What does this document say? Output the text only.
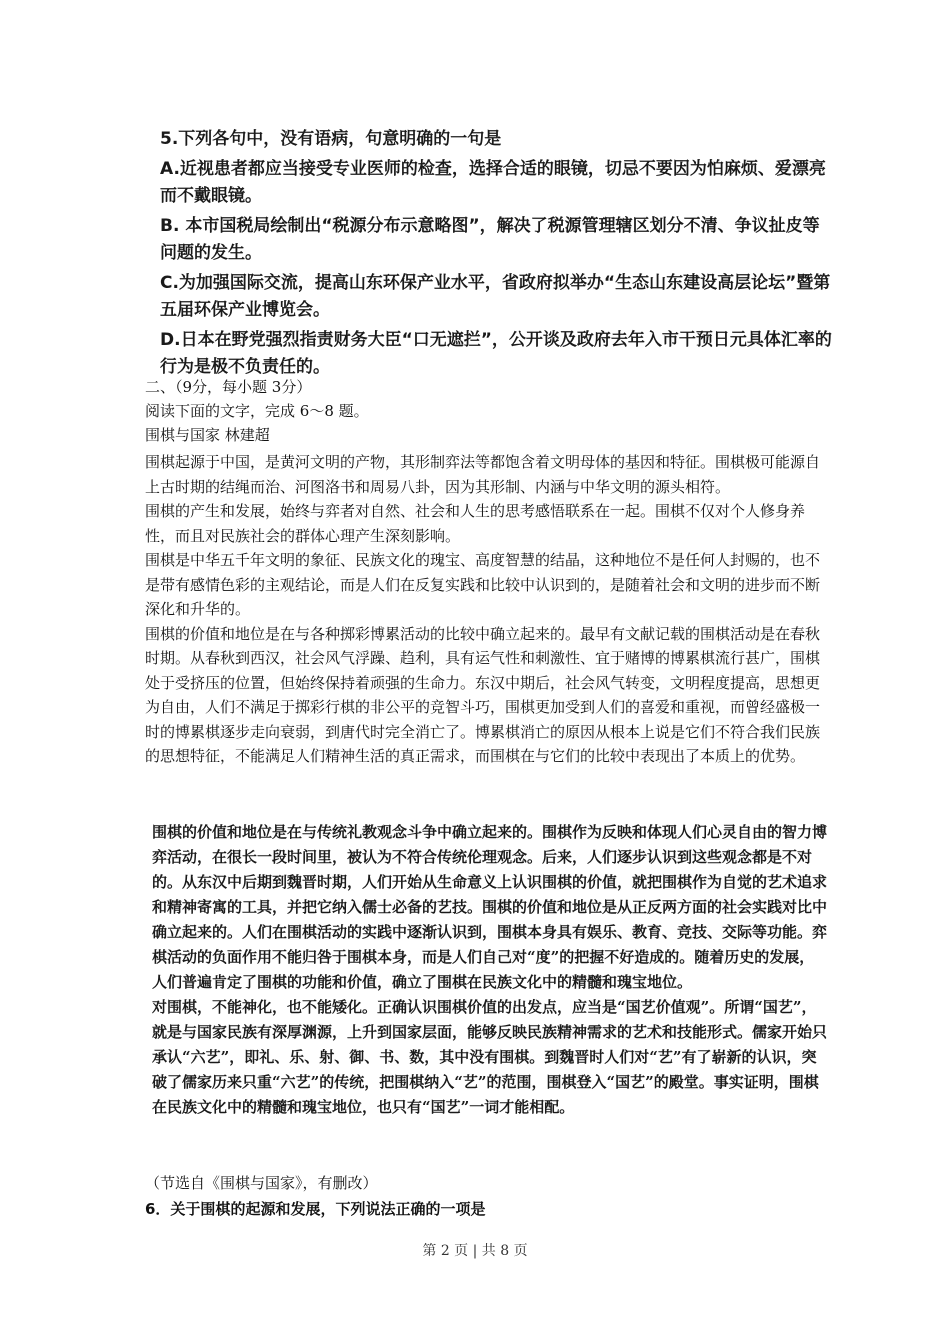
5.下列各句中，没有语病，句意明确的一句是

A.近视患者都应当接受专业医师的检查，选择合适的眼镜，切忌不要因为怕麻烦、爱漂亮而不戴眼镜。

B. 本市国税局绘制出“税源分布示意略图”，解决了税源管理辖区划分不清、争议扯皮等问题的发生。

C.为加强国际交流，提高山东环保产业水平，省政府拟举办“生态山东建设高层论坛”暨第五届环保产业博览会。

D.日本在野党强烈指责财务大臣“口无遮拦”，公开谈及政府去年入市干预日元具体汇率的行为是极不负责任的。

二、（9分，每小题 3分）

阅读下面的文字，完成 6～8 题。

围棋与国家 林建超

围棋起源于中国，是黄河文明的产物，其形制弈法等都饱含着文明母体的基因和特征。围棋极可能源自上古时期的结绳而治、河图洛书和周易八卦，因为其形制、内涵与中华文明的源头相符。

围棋的产生和发展，始终与弈者对自然、社会和人生的思考感悟联系在一起。围棋不仅对个人修身养性，而且对民族社会的群体心理产生深刻影响。

围棋是中华五千年文明的象征、民族文化的瑰宝、高度智慧的结晶，这种地位不是任何人封赐的，也不是带有感情色彩的主观结论，而是人们在反复实践和比较中认识到的，是随着社会和文明的进步而不断深化和升华的。

围棋的价值和地位是在与各种掷彩博累活动的比较中确立起来的。最早有文献记载的围棋活动是在春秋时期。从春秋到西汉，社会风气浮躁、趋利，具有运气性和刺激性、宜于赌博的博累棋流行甚广，围棋处于受挤压的位置，但始终保持着顽强的生命力。东汉中期后，社会风气转变，文明程度提高，思想更为自由，人们不满足于掷彩行棋的非公平的竞智斗巧，围棋更加受到人们的喜爱和重视，而曾经盛极一时的博累棋逐步走向衰弱，到唐代时完全消亡了。博累棋消亡的原因从根本上说是它们不符合我们民族的思想特征，不能满足人们精神生活的真正需求，而围棋在与它们的比较中表现出了本质上的优势。

围棋的价值和地位是在与传统礼教观念斗争中确立起来的。围棋作为反映和体现人们心灵自由的智力博弈活动，在很长一段时间里，被认为不符合传统伦理观念。后来，人们逐步认识到这些观念都是不对的。从东汉中后期到魏晋时期，人们开始从生命意义上认识围棋的价值，就把围棋作为自觉的艺术追求和精神寄寓的工具，并把它纳入儒士必备的艺技。围棋的价值和地位是从正反两方面的社会实践对比中确立起来的。人们在围棋活动的实践中逐渐认识到，围棋本身具有娱乐、教育、竞技、交际等功能。弈棋活动的负面作用不能归咎于围棋本身，而是人们自己对“度”的把握不好造成的。随着历史的发展，人们普遍肯定了围棋的功能和价值，确立了围棋在民族文化中的精髓和瑰宝地位。

对围棋，不能神化，也不能矮化。正确认识围棋价值的出发点，应当是“国艺价值观”。所谓“国艺”，就是与国家民族有深厚渊源，上升到国家层面，能够反映民族精神需求的艺术和技能形式。儒家开始只承认“六艺”，即礼、乐、射、御、书、数，其中没有围棋。到魏晋时人们对“艺”有了崭新的认识，突破了儒家历来只重“六艺”的传统，把围棋纳入“艺”的范围，围棋登入“国艺”的殿堂。事实证明，围棋在民族文化中的精髓和瑰宝地位，也只有“国艺”一词才能相配。

（节选自《围棋与国家》，有删改）

6．关于围棋的起源和发展，下列说法正确的一项是

第 2 页 | 共 8 页
